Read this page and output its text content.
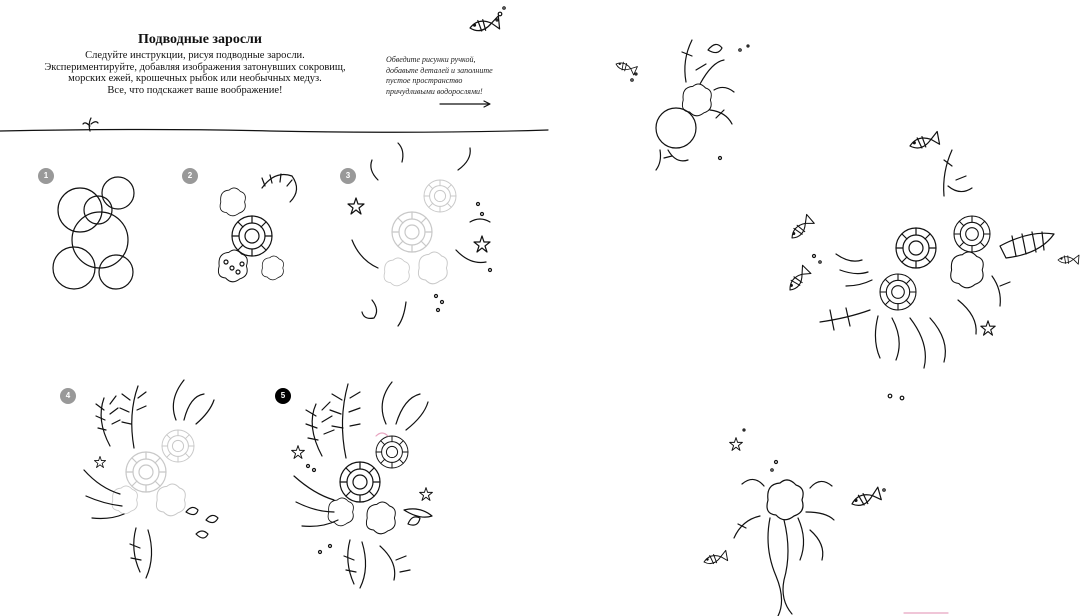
Подводные заросли
Следуйте инструкции, рисуя подводные заросли.
Экспериментируйте, добавляя изображения затонувших сокровищ,
морских ежей, крошечных рыбок или необычных медуз.
Все, что подскажет ваше воображение!
Обведите рисунки ручкой,
добавьте деталей и заполните
пустое пространство
причудливыми водорослями!
1	2	3
4	5
